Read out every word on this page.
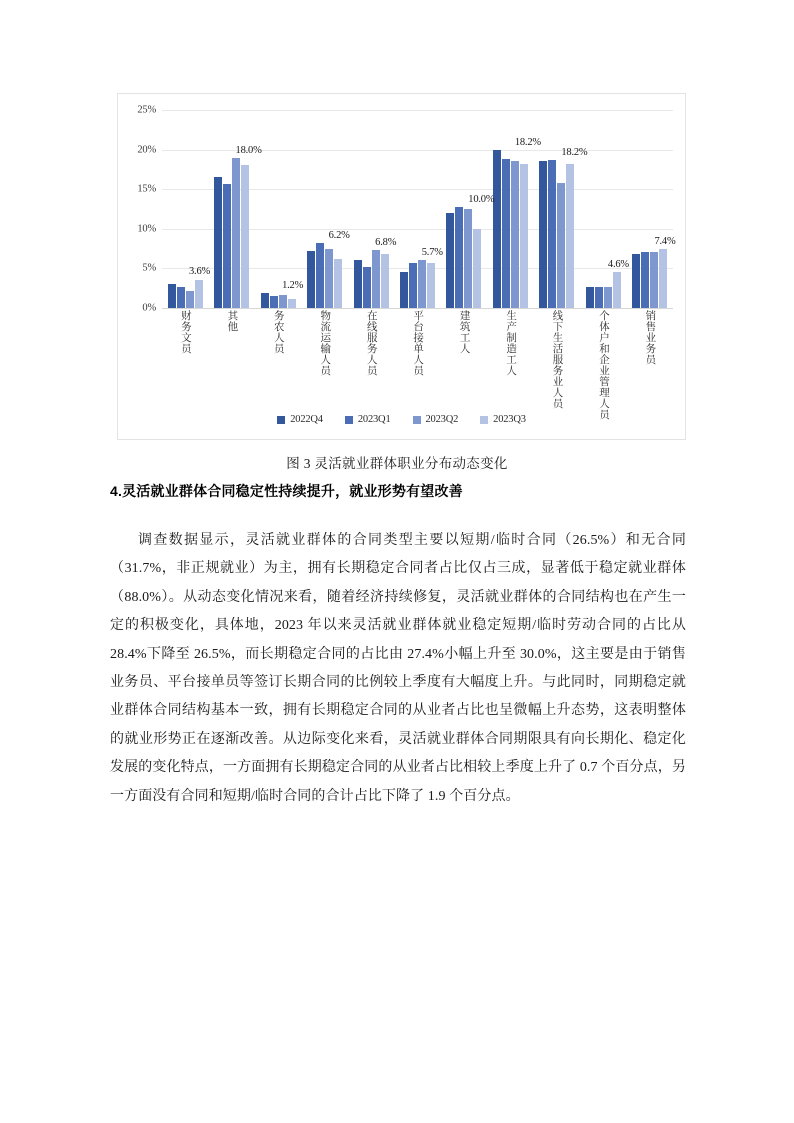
0%
5%
10%
15%
20%
25%
3.6%
18.0%
1.2%
6.2%
6.8%
5.7%
10.0%
18.2%
18.2%
4.6%
7.4%
财务文员	其他	务农人员	物流运输人员	在线服务人员	平台接单人员	建筑工人	生产制造工人	线下生活服务业人员	个体户和企业管理人员	销售业务员
2022Q4	2023Q1	2023Q2	2023Q3
图 3 灵活就业群体职业分布动态变化
4.灵活就业群体合同稳定性持续提升，就业形势有望改善

调查数据显示，灵活就业群体的合同类型主要以短期/临时合同（26.5%）和无合同（31.7%，非正规就业）为主，拥有长期稳定合同者占比仅占三成，显著低于稳定就业群体（88.0%）。从动态变化情况来看，随着经济持续修复，灵活就业群体的合同结构也在产生一定的积极变化，具体地，2023 年以来灵活就业群体就业稳定短期/临时劳动合同的占比从 28.4%下降至 26.5%，而长期稳定合同的占比由 27.4%小幅上升至 30.0%，这主要是由于销售业务员、平台接单员等签订长期合同的比例较上季度有大幅度上升。与此同时，同期稳定就业群体合同结构基本一致，拥有长期稳定合同的从业者占比也呈微幅上升态势，这表明整体的就业形势正在逐渐改善。从边际变化来看，灵活就业群体合同期限具有向长期化、稳定化发展的变化特点，一方面拥有长期稳定合同的从业者占比相较上季度上升了 0.7 个百分点，另一方面没有合同和短期/临时合同的合计占比下降了 1.9 个百分点。
